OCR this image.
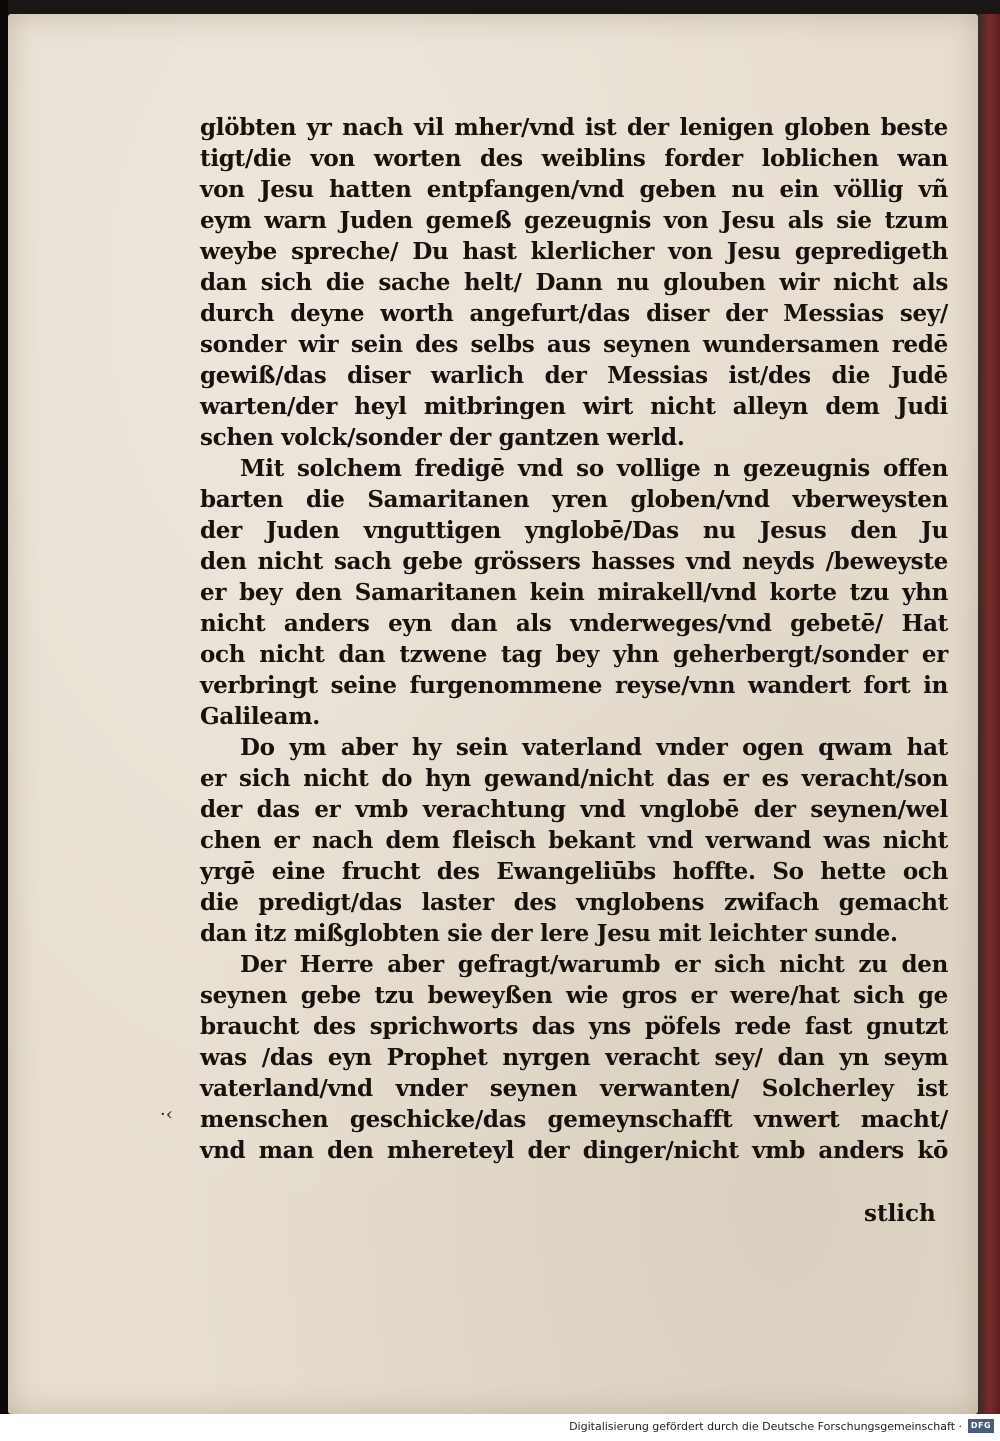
glöbten yr nach vil mher/vnd ist der lenigen globen beste
tigt/die von worten des weiblins forder loblichen wan
von Jesu hatten entpfangen/vnd geben nu ein völlig vñ
eym warn Juden gemeß gezeugnis von Jesu als sie tzum
weybe spreche/ Du hast klerlicher von Jesu gepredigeth
dan sich die sache helt/ Dann nu glouben wir nicht als
durch deyne worth angefurt/das diser der Messias sey/
sonder wir sein des selbs aus seynen wundersamen redē
gewiß/das diser warlich der Messias ist/des die Judē
warten/der heyl mitbringen wirt nicht alleyn dem Judi
schen volck/sonder der gantzen werld.
Mit solchem fredigē vnd so vollige n gezeugnis offen
barten die Samaritanen yren globen/vnd vberweysten
der Juden vnguttigen ynglobē/Das nu Jesus den Ju
den nicht sach gebe grössers hasses vnd neyds /beweyste
er bey den Samaritanen kein mirakell/vnd korte tzu yhn
nicht anders eyn dan als vnderweges/vnd gebetē/ Hat
och nicht dan tzwene tag bey yhn geherbergt/sonder er
verbringt seine furgenommene reyse/vnn wandert fort in
Galileam.
Do ym aber hy sein vaterland vnder ogen qwam hat
er sich nicht do hyn gewand/nicht das er es veracht/son
der das er vmb verachtung vnd vnglobē der seynen/wel
chen er nach dem fleisch bekant vnd verwand was nicht
yrgē eine frucht des Ewangeliūbs hoffte. So hette och
die predigt/das laster des vnglobens zwifach gemacht
dan itz mißglobten sie der lere Jesu mit leichter sunde.
Der Herre aber gefragt/warumb er sich nicht zu den
seynen gebe tzu beweyßen wie gros er were/hat sich ge
braucht des sprichworts das yns pöfels rede fast gnutzt
was /das eyn Prophet nyrgen veracht sey/ dan yn seym
vaterland/vnd vnder seynen verwanten/ Solcherley ist
menschen geschicke/das gemeynschafft vnwert macht/
vnd man den mhereteyl der dinger/nicht vmb anders kō
·‹
stlich
Digitalisierung gefördert durch die Deutsche Forschungsgemeinschaft ·	DFG
